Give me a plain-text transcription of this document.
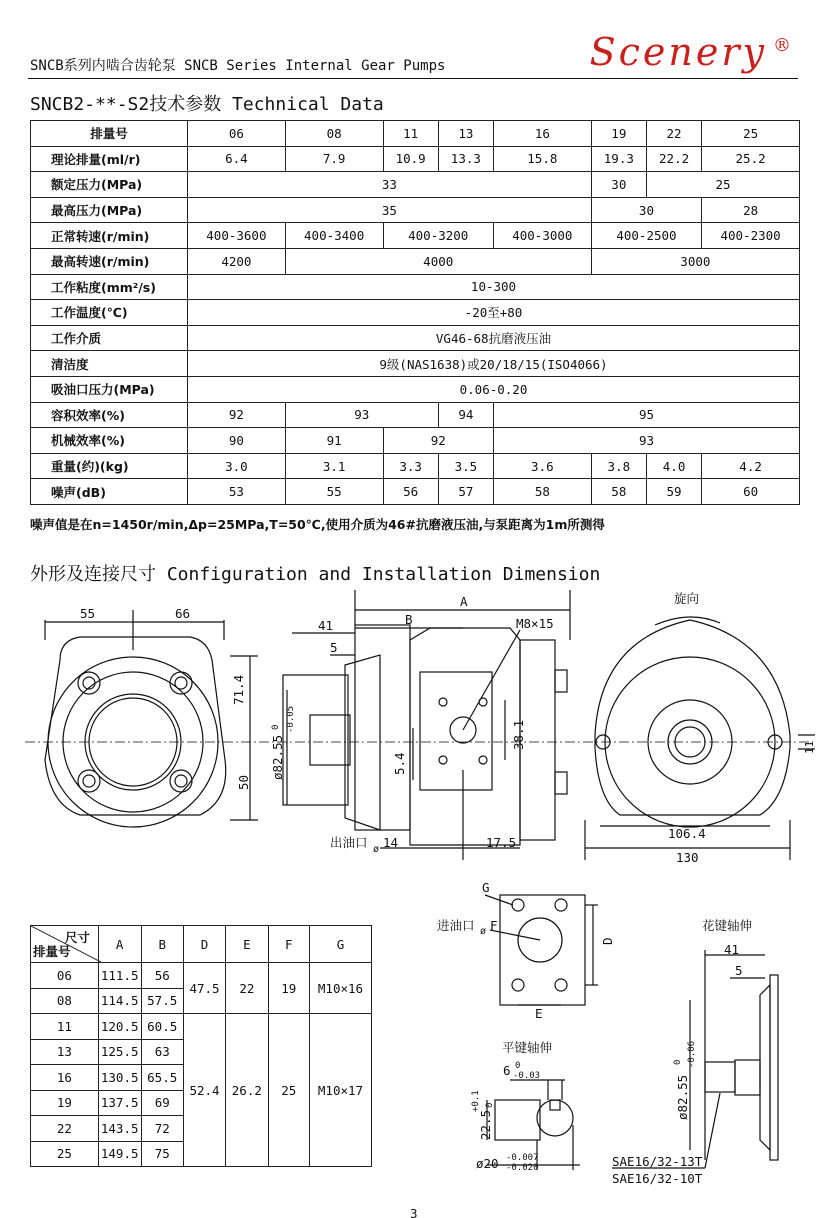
SNCB系列内啮合齿轮泵 SNCB Series Internal Gear Pumps	Scenery ®
SNCB2-**-S2技术参数 Technical Data
排量号	06	08	11	13	16	19	22	25
理论排量(ml/r)	6.4	7.9	10.9	13.3	15.8	19.3	22.2	25.2
额定压力(MPa)	33					30	25	
最高压力(MPa)	35					30		28
正常转速(r/min)	400-3600	400-3400	400-3200		400-3000	400-2500		400-2300
最高转速(r/min)	4200	4000				3000		
工作粘度(mm²/s)	10-300							
工作温度(℃)	-20至+80							
工作介质	VG46-68抗磨液压油							
清洁度	9级(NAS1638)或20/18/15(ISO4066)							
吸油口压力(MPa)	0.06-0.20							
容积效率(%)	92	93		94	95			
机械效率(%)	90	91	92		93			
重量(约)(kg)	3.0	3.1	3.3	3.5	3.6	3.8	4.0	4.2
噪声(dB)	53	55	56	57	58	58	59	60
噪声值是在n=1450r/min,Δp=25MPa,T=50℃,使用介质为46#抗磨液压油,与泵距离为1m所测得
外形及连接尺寸 Configuration and Installation Dimension
55	66
71.4
50
A
B
41
5
M8×15
ø82.55
0 -0.05
5.4
38.1
出油口 ø 14	17.5
旋向
11
106.4
130
G
进油口 ø F
D
E
平键轴伸
6 0
-0.03
22.5
+0.1 0
ø20 -0.007
-0.020
花键轴伸
41
5
ø82.55
0 -0.06
SAE16/32-13T
SAE16/32-10T
3
尺寸
排量号	A	B	D	E	F	G
06	111.5	56	47.5	22	19	M10×16
08	114.5	57.5				
11	120.5	60.5	52.4	26.2	25	M10×17
13	125.5	63				
16	130.5	65.5				
19	137.5	69				
22	143.5	72				
25	149.5	75				
